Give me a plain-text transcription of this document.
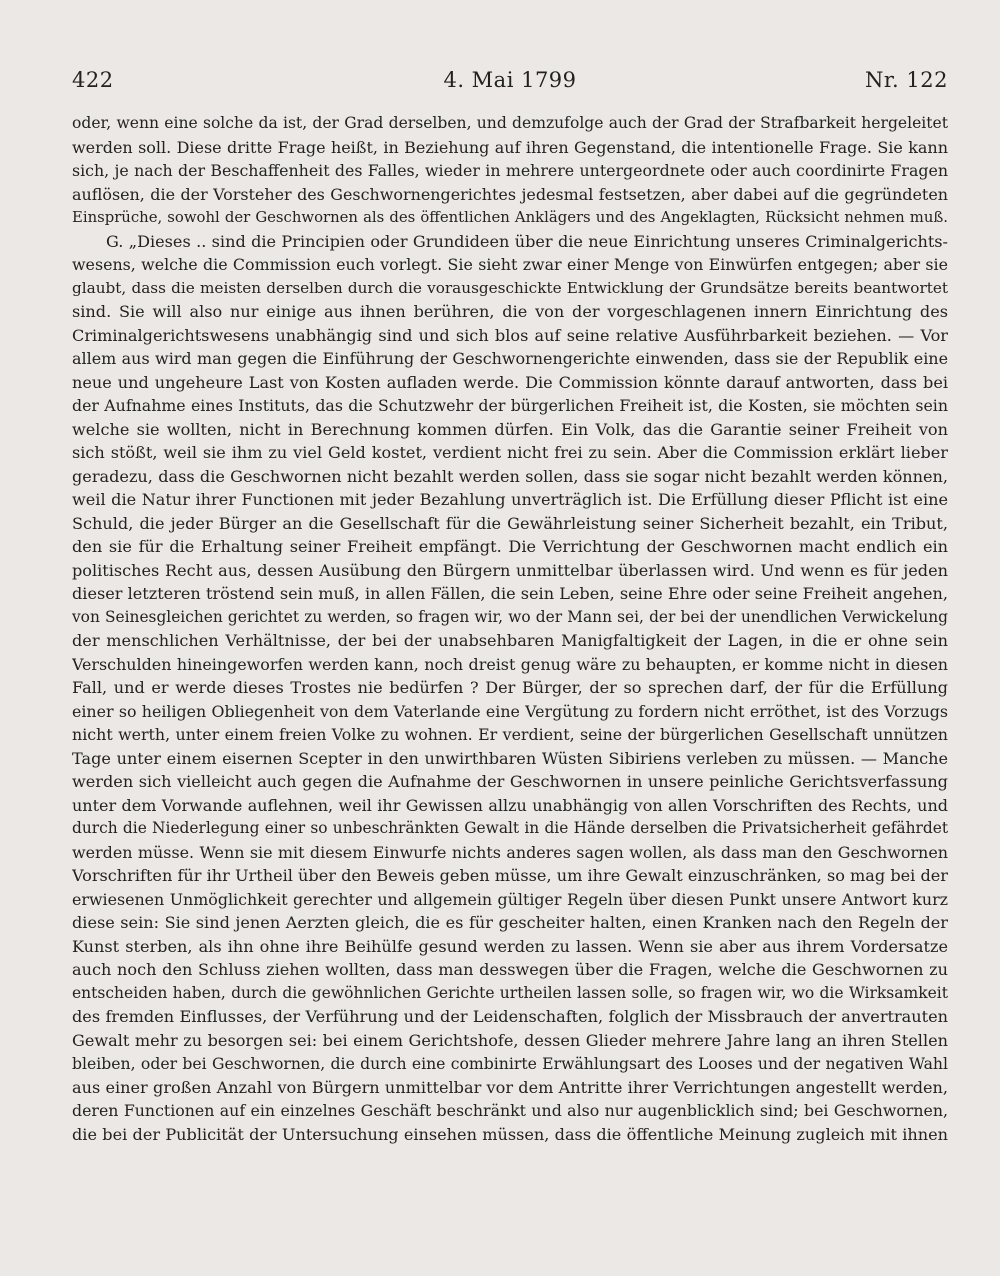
422	4. Mai 1799	Nr. 122
oder, wenn eine solche da ist, der Grad derselben, und demzufolge auch der Grad der Strafbarkeit hergeleitet
werden soll. Diese dritte Frage heißt, in Beziehung auf ihren Gegenstand, die intentionelle Frage. Sie kann
sich, je nach der Beschaffenheit des Falles, wieder in mehrere untergeordnete oder auch coordinirte Fragen
auflösen, die der Vorsteher des Geschwornengerichtes jedesmal festsetzen, aber dabei auf die gegründeten
Einsprüche, sowohl der Geschwornen als des öffentlichen Anklägers und des Angeklagten, Rücksicht nehmen muß.
G. „Dieses .. sind die Principien oder Grundideen über die neue Einrichtung unseres Criminalgerichts-
wesens, welche die Commission euch vorlegt. Sie sieht zwar einer Menge von Einwürfen entgegen; aber sie
glaubt, dass die meisten derselben durch die vorausgeschickte Entwicklung der Grundsätze bereits beantwortet
sind. Sie will also nur einige aus ihnen berühren, die von der vorgeschlagenen innern Einrichtung des
Criminalgerichtswesens unabhängig sind und sich blos auf seine relative Ausführbarkeit beziehen. — Vor
allem aus wird man gegen die Einführung der Geschwornengerichte einwenden, dass sie der Republik eine
neue und ungeheure Last von Kosten aufladen werde. Die Commission könnte darauf antworten, dass bei
der Aufnahme eines Instituts, das die Schutzwehr der bürgerlichen Freiheit ist, die Kosten, sie möchten sein
welche sie wollten, nicht in Berechnung kommen dürfen. Ein Volk, das die Garantie seiner Freiheit von
sich stößt, weil sie ihm zu viel Geld kostet, verdient nicht frei zu sein. Aber die Commission erklärt lieber
geradezu, dass die Geschwornen nicht bezahlt werden sollen, dass sie sogar nicht bezahlt werden können,
weil die Natur ihrer Functionen mit jeder Bezahlung unverträglich ist. Die Erfüllung dieser Pflicht ist eine
Schuld, die jeder Bürger an die Gesellschaft für die Gewährleistung seiner Sicherheit bezahlt, ein Tribut,
den sie für die Erhaltung seiner Freiheit empfängt. Die Verrichtung der Geschwornen macht endlich ein
politisches Recht aus, dessen Ausübung den Bürgern unmittelbar überlassen wird. Und wenn es für jeden
dieser letzteren tröstend sein muß, in allen Fällen, die sein Leben, seine Ehre oder seine Freiheit angehen,
von Seinesgleichen gerichtet zu werden, so fragen wir, wo der Mann sei, der bei der unendlichen Verwickelung
der menschlichen Verhältnisse, der bei der unabsehbaren Manigfaltigkeit der Lagen, in die er ohne sein
Verschulden hineingeworfen werden kann, noch dreist genug wäre zu behaupten, er komme nicht in diesen
Fall, und er werde dieses Trostes nie bedürfen ? Der Bürger, der so sprechen darf, der für die Erfüllung
einer so heiligen Obliegenheit von dem Vaterlande eine Vergütung zu fordern nicht erröthet, ist des Vorzugs
nicht werth, unter einem freien Volke zu wohnen. Er verdient, seine der bürgerlichen Gesellschaft unnützen
Tage unter einem eisernen Scepter in den unwirthbaren Wüsten Sibiriens verleben zu müssen. — Manche
werden sich vielleicht auch gegen die Aufnahme der Geschwornen in unsere peinliche Gerichtsverfassung
unter dem Vorwande auflehnen, weil ihr Gewissen allzu unabhängig von allen Vorschriften des Rechts, und
durch die Niederlegung einer so unbeschränkten Gewalt in die Hände derselben die Privatsicherheit gefährdet
werden müsse. Wenn sie mit diesem Einwurfe nichts anderes sagen wollen, als dass man den Geschwornen
Vorschriften für ihr Urtheil über den Beweis geben müsse, um ihre Gewalt einzuschränken, so mag bei der
erwiesenen Unmöglichkeit gerechter und allgemein gültiger Regeln über diesen Punkt unsere Antwort kurz
diese sein: Sie sind jenen Aerzten gleich, die es für gescheiter halten, einen Kranken nach den Regeln der
Kunst sterben, als ihn ohne ihre Beihülfe gesund werden zu lassen. Wenn sie aber aus ihrem Vordersatze
auch noch den Schluss ziehen wollten, dass man desswegen über die Fragen, welche die Geschwornen zu
entscheiden haben, durch die gewöhnlichen Gerichte urtheilen lassen solle, so fragen wir, wo die Wirksamkeit
des fremden Einflusses, der Verführung und der Leidenschaften, folglich der Missbrauch der anvertrauten
Gewalt mehr zu besorgen sei: bei einem Gerichtshofe, dessen Glieder mehrere Jahre lang an ihren Stellen
bleiben, oder bei Geschwornen, die durch eine combinirte Erwählungsart des Looses und der negativen Wahl
aus einer großen Anzahl von Bürgern unmittelbar vor dem Antritte ihrer Verrichtungen angestellt werden,
deren Functionen auf ein einzelnes Geschäft beschränkt und also nur augenblicklich sind; bei Geschwornen,
die bei der Publicität der Untersuchung einsehen müssen, dass die öffentliche Meinung zugleich mit ihnen
